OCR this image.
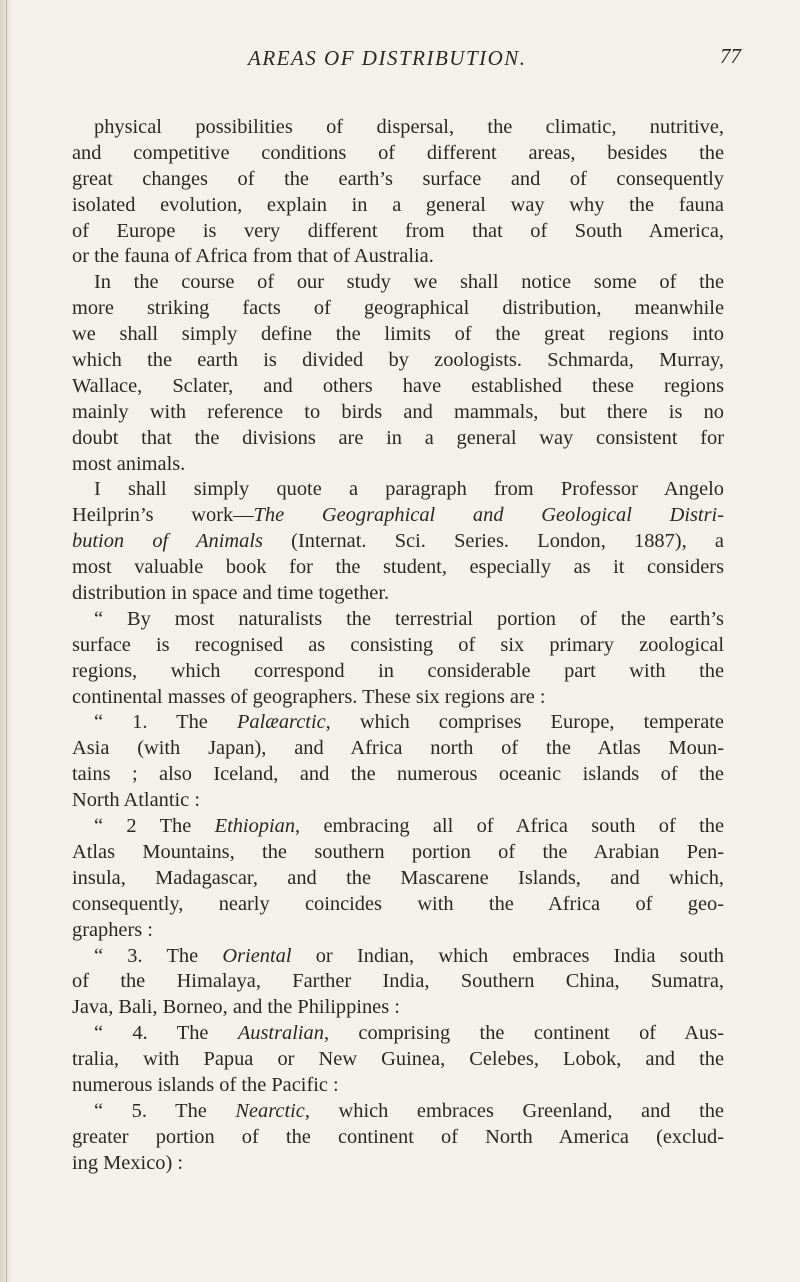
AREAS OF DISTRIBUTION.	77
physical possibilities of dispersal, the climatic, nutritive,
and competitive conditions of different areas, besides the
great changes of the earth’s surface and of consequently
isolated evolution, explain in a general way why the fauna
of Europe is very different from that of South America,
or the fauna of Africa from that of Australia.
In the course of our study we shall notice some of the
more striking facts of geographical distribution, meanwhile
we shall simply define the limits of the great regions into
which the earth is divided by zoologists. Schmarda, Murray,
Wallace, Sclater, and others have established these regions
mainly with reference to birds and mammals, but there is no
doubt that the divisions are in a general way consistent for
most animals.
I shall simply quote a paragraph from Professor Angelo
Heilprin’s work—The Geographical and Geological Distri-
bution of Animals (Internat. Sci. Series. London, 1887), a
most valuable book for the student, especially as it considers
distribution in space and time together.
“ By most naturalists the terrestrial portion of the earth’s
surface is recognised as consisting of six primary zoological
regions, which correspond in considerable part with the
continental masses of geographers. These six regions are :
“ 1. The Palæarctic, which comprises Europe, temperate
Asia (with Japan), and Africa north of the Atlas Moun-
tains ; also Iceland, and the numerous oceanic islands of the
North Atlantic :
“ 2 The Ethiopian, embracing all of Africa south of the
Atlas Mountains, the southern portion of the Arabian Pen-
insula, Madagascar, and the Mascarene Islands, and which,
consequently, nearly coincides with the Africa of geo-
graphers :
“ 3. The Oriental or Indian, which embraces India south
of the Himalaya, Farther India, Southern China, Sumatra,
Java, Bali, Borneo, and the Philippines :
“ 4. The Australian, comprising the continent of Aus-
tralia, with Papua or New Guinea, Celebes, Lobok, and the
numerous islands of the Pacific :
“ 5. The Nearctic, which embraces Greenland, and the
greater portion of the continent of North America (exclud-
ing Mexico) :
